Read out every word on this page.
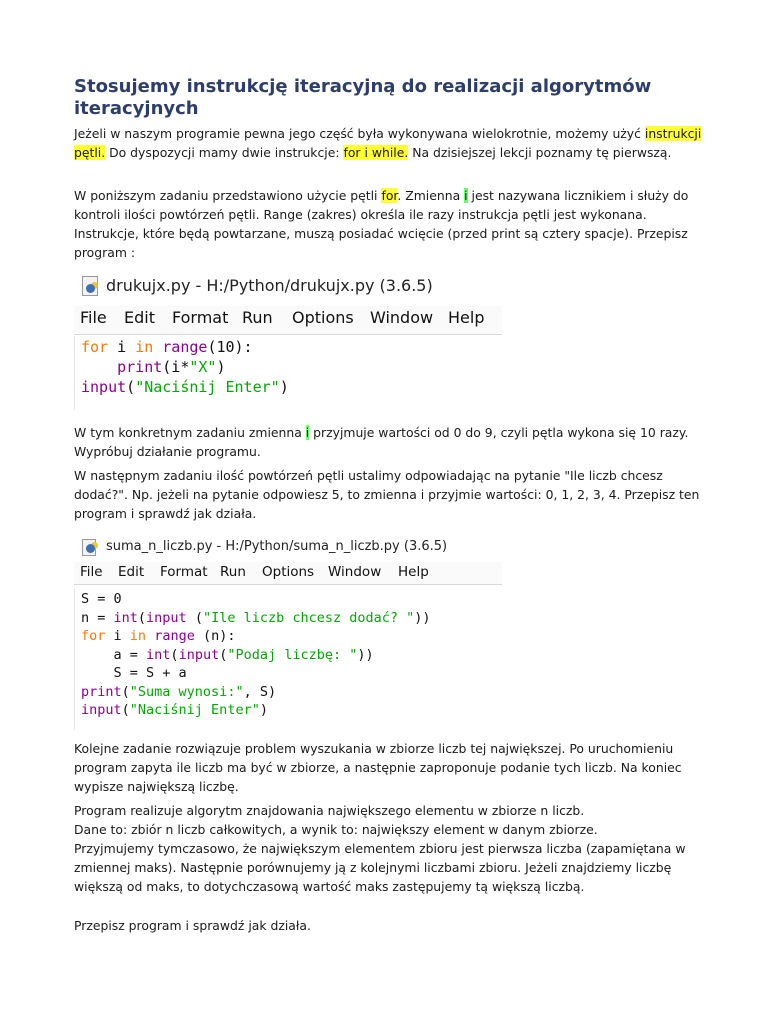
Stosujemy instrukcję iteracyjną do realizacji algorytmów iteracyjnych

Jeżeli w naszym programie pewna jego część była wykonywana wielokrotnie, możemy użyć instrukcji pętli. Do dyspozycji mamy dwie instrukcje: for i while. Na dzisiejszej lekcji poznamy tę pierwszą.

W poniższym zadaniu przedstawiono użycie pętli for. Zmienna i jest nazywana licznikiem i służy do kontroli ilości powtórzeń pętli. Range (zakres) określa ile razy instrukcja pętli jest wykonana. Instrukcje, które będą powtarzane, muszą posiadać wcięcie (przed print są cztery spacje). Przepisz program :

W tym konkretnym zadaniu zmienna i przyjmuje wartości od 0 do 9, czyli pętla wykona się 10 razy. Wypróbuj działanie programu.

W następnym zadaniu ilość powtórzeń pętli ustalimy odpowiadając na pytanie "Ile liczb chcesz dodać?". Np. jeżeli na pytanie odpowiesz 5, to zmienna i przyjmie wartości: 0, 1, 2, 3, 4. Przepisz ten program i sprawdź jak działa.

Kolejne zadanie rozwiązuje problem wyszukania w zbiorze liczb tej największej. Po uruchomieniu program zapyta ile liczb ma być w zbiorze, a następnie zaproponuje podanie tych liczb. Na koniec wypisze największą liczbę.

Program realizuje algorytm znajdowania największego elementu w zbiorze n liczb.

Dane to: zbiór n liczb całkowitych, a wynik to: największy element w danym zbiorze.

Przyjmujemy tymczasowo, że największym elementem zbioru jest pierwsza liczba (zapamiętana w zmiennej maks). Następnie porównujemy ją z kolejnymi liczbami zbioru. Jeżeli znajdziemy liczbę większą od maks, to dotychczasową wartość maks zastępujemy tą większą liczbą.

Przepisz program i sprawdź jak działa.

drukujx.py - H:/Python/drukujx.py (3.6.5)
File Edit Format Run Options Window Help
for i in range(10):
print(i*"X")
input("Naciśnij Enter")
suma_n_liczb.py - H:/Python/suma_n_liczb.py (3.6.5)
File Edit Format Run Options Window Help
S = 0
n = int(input ("Ile liczb chcesz dodać? "))
for i in range (n):
a = int(input("Podaj liczbę: "))
S = S + a
print("Suma wynosi:", S)
input("Naciśnij Enter")
